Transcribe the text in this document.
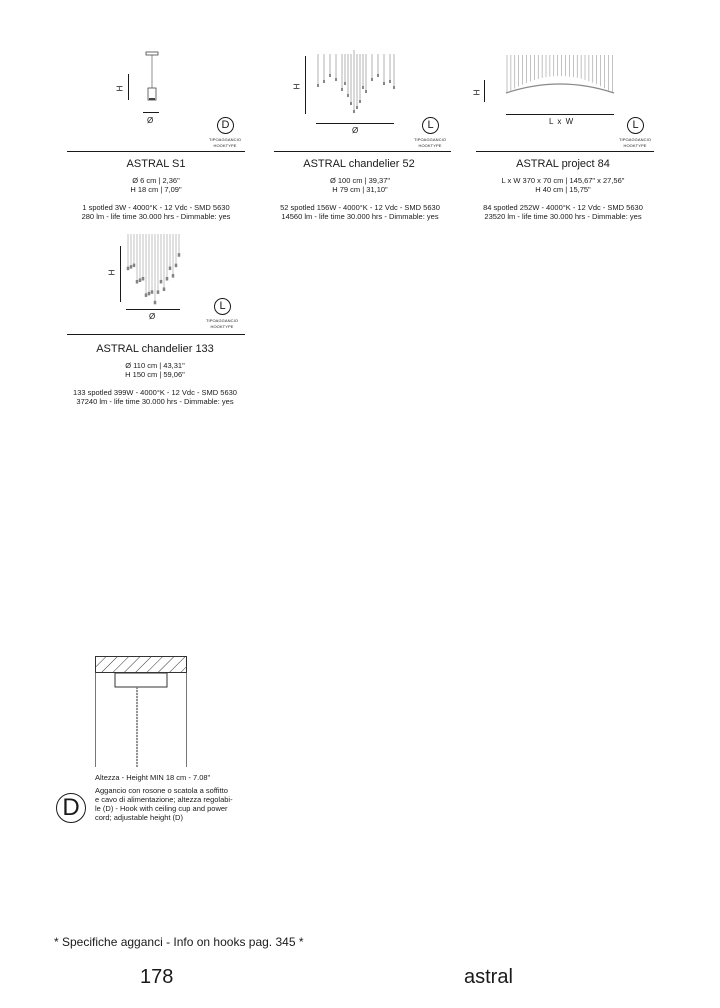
H
Ø	D
TIPOAGGANCIO
HOOKTYPE
ASTRAL S1
Ø 6 cm | 2,36"
H 18 cm | 7,09"
1 spotled 3W - 4000°K - 12 Vdc - SMD 5630
280 lm - life time 30.000 hrs - Dimmable: yes
H
Ø	L
TIPOAGGANCIO
HOOKTYPE
ASTRAL chandelier 52
Ø 100 cm | 39,37"
H 79 cm | 31,10"
52 spotled 156W - 4000°K - 12 Vdc - SMD 5630
14560 lm - life time 30.000 hrs - Dimmable: yes
H
L x W	L
TIPOAGGANCIO
HOOKTYPE
ASTRAL project 84
L x W 370 x 70 cm | 145,67" x 27,56"
H 40 cm | 15,75"
84 spotled 252W - 4000°K - 12 Vdc - SMD 5630
23520 lm - life time 30.000 hrs - Dimmable: yes
H
Ø
L
TIPOAGGANCIO
HOOKTYPE
ASTRAL chandelier 133
Ø 110 cm | 43,31"
H 150 cm | 59,06"
133 spotled 399W - 4000°K - 12 Vdc - SMD 5630
37240 lm - life time 30.000 hrs - Dimmable: yes
Altezza - Height MIN 18 cm - 7.08"
D
Aggancio con rosone o scatola a soffitto
e cavo di alimentazione; altezza regolabi-
le (D) - Hook with ceiling cup and power
cord; adjustable height (D)
* Specifiche agganci - Info on hooks pag. 345 *
178	astral
